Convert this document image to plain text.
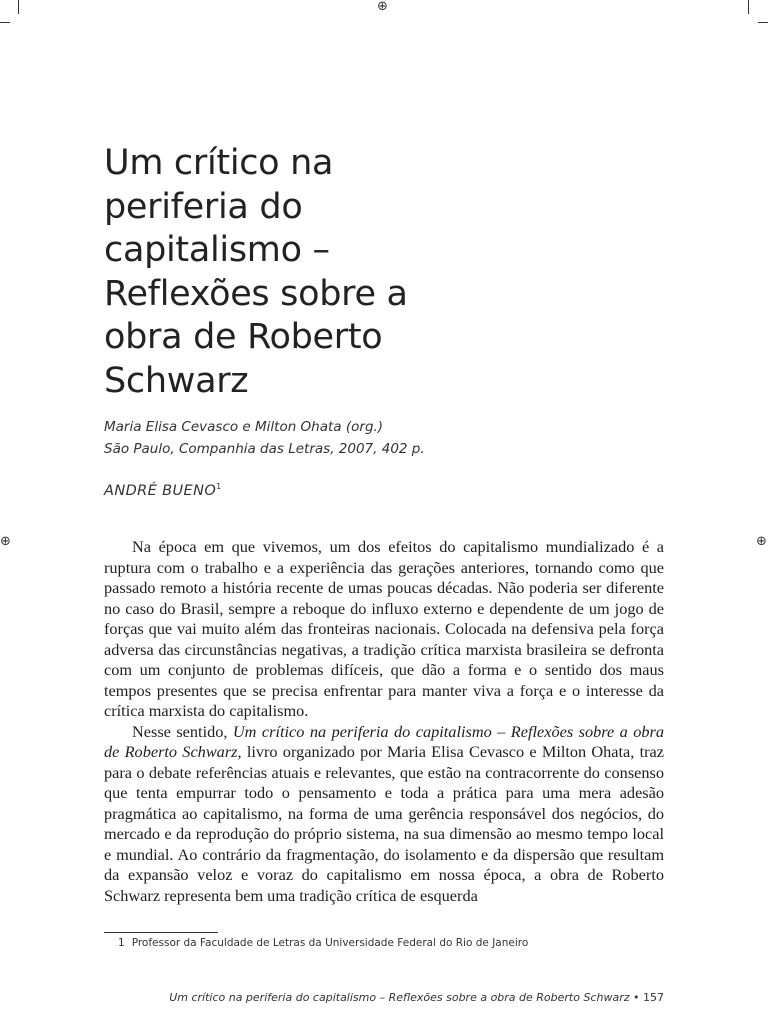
⊕
⊕	⊕
Um crítico na periferia do capitalismo – Reflexões sobre a obra de Roberto Schwarz
Maria Elisa Cevasco e Milton Ohata (org.)
São Paulo, Companhia das Letras, 2007, 402 p.
ANDRÉ BUENO$^1$

Na época em que vivemos, um dos efeitos do capitalismo mundializado é a ruptura com o trabalho e a experiência das gerações anteriores, tornando como que passado remoto a história recente de umas poucas décadas. Não poderia ser diferente no caso do Brasil, sempre a reboque do influxo externo e dependente de um jogo de forças que vai muito além das fronteiras nacionais. Colocada na defensiva pela força adversa das circunstâncias negativas, a tradição crítica marxista brasileira se defronta com um conjunto de problemas difíceis, que dão a forma e o sentido dos maus tempos presentes que se precisa enfrentar para manter viva a força e o interesse da crítica marxista do capitalismo.

Nesse sentido, Um crítico na periferia do capitalismo – Reflexões sobre a obra de Roberto Schwarz, livro organizado por Maria Elisa Cevasco e Milton Ohata, traz para o debate referências atuais e relevantes, que estão na contracorrente do consenso que tenta empurrar todo o pensamento e toda a prática para uma mera adesão pragmática ao capitalismo, na forma de uma gerência responsável dos negócios, do mercado e da reprodução do próprio sistema, na sua dimensão ao mesmo tempo local e mundial. Ao contrário da fragmentação, do isolamento e da dispersão que resultam da expansão veloz e voraz do capitalismo em nossa época, a obra de Roberto Schwarz representa bem uma tradição crítica de esquerda

1 Professor da Faculdade de Letras da Universidade Federal do Rio de Janeiro
Um crítico na periferia do capitalismo – Reflexões sobre a obra de Roberto Schwarz • 157
